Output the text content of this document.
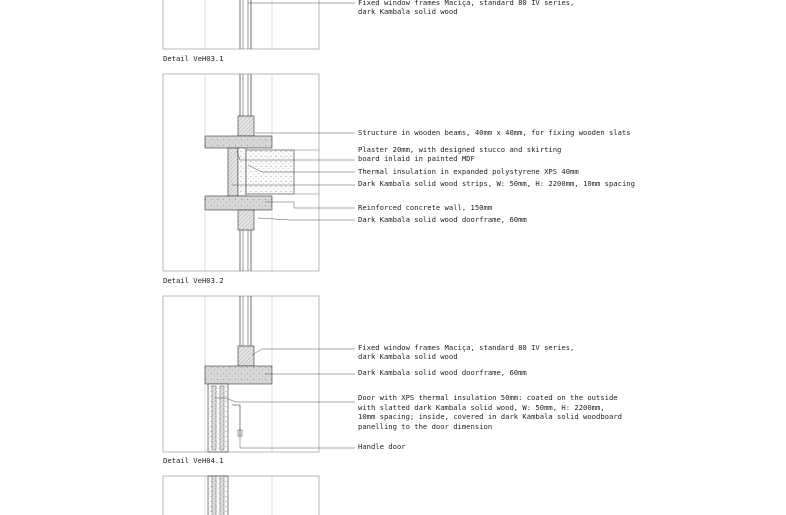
Fixed window frames Maciça, standard 80 IV series,
dark Kambala solid wood
Detail VeH03.1
Structure in wooden beams, 40mm x 40mm, for fixing wooden slats
Plaster 20mm, with designed stucco and skirting
board inlaid in painted MDF
Thermal insulation in expanded polystyrene XPS 40mm
Dark Kambala solid wood strips, W: 50mm, H: 2200mm, 10mm spacing
Reinforced concrete wall, 150mm
Dark Kambala solid wood doorframe, 60mm
Detail VeH03.2
Fixed window frames Maciça, standard 80 IV series,
dark Kambala solid wood
Dark Kambala solid wood doorframe, 60mm
Door with XPS thermal insulation 50mm: coated on the outside
with slatted dark Kambala solid wood, W: 50mm, H: 2200mm,
10mm spacing; inside, covered in dark Kambala solid woodboard
panelling to the door dimension
Handle door
Detail VeH04.1
